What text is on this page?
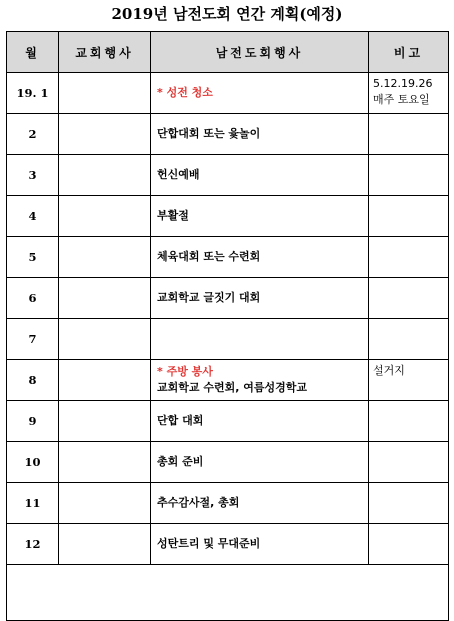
2019년 남전도회 연간 계획(예정)
월	교회행사	남전도회행사	비고
19. 1		* 성전 청소	5.12.19.26
매주 토요일

2		단합대회 또는 윷놀이	

3		헌신예배	

4		부활절	

5		체육대회 또는 수련회	

6		교회학교 글짓기 대회	

7			
8		* 주방 봉사
교회학교 수련회, 여름성경학교	설거지

9		단합 대회	

10		총회 준비	

11		추수감사절, 총회	

12		성탄트리 및 무대준비	
